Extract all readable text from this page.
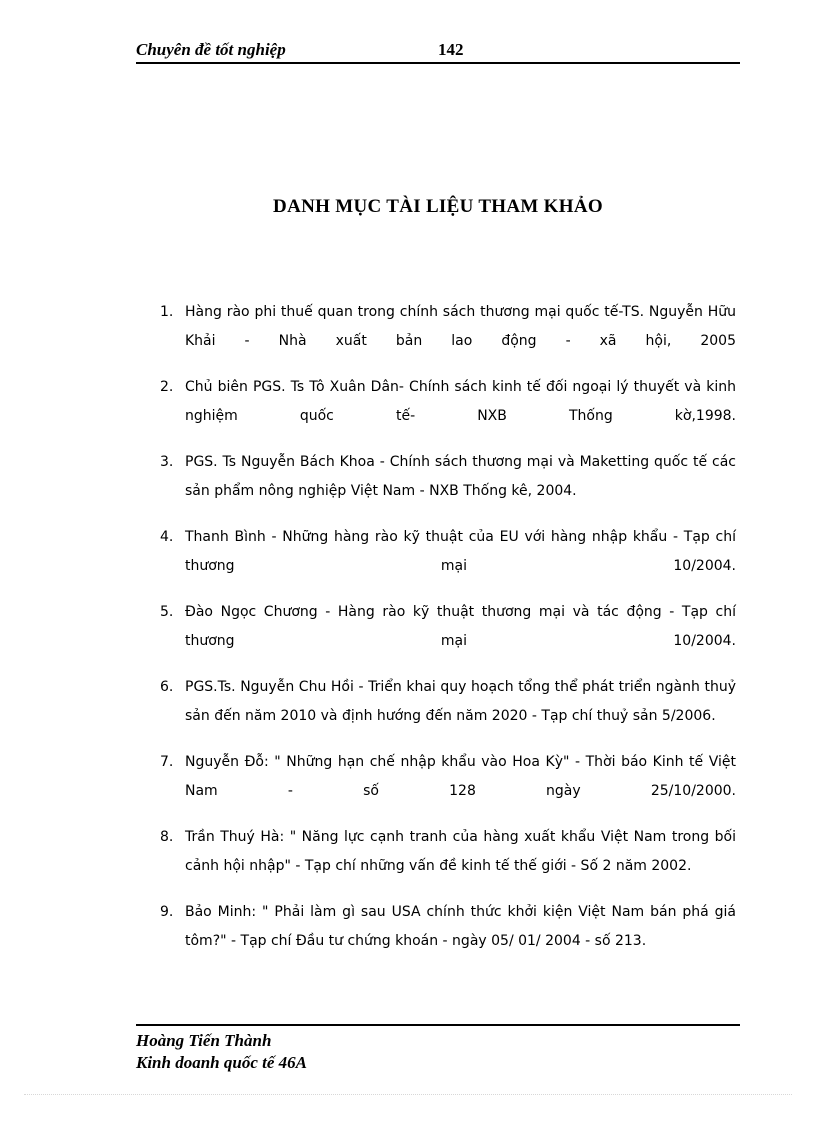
Chuyên đề tốt nghiệp	142
DANH MỤC TÀI LIỆU THAM KHẢO
1. Hàng rào phi thuế quan trong chính sách thương mại quốc tế-TS. Nguyễn Hữu Khải - Nhà xuất bản lao động - xã hội, 2005
2. Chủ biên PGS. Ts Tô Xuân Dân- Chính sách kinh tế đối ngoại lý thuyết và kinh nghiệm quốc tế- NXB Thống kờ,1998.
3. PGS. Ts Nguyễn Bách Khoa - Chính sách thương mại và Maketting quốc tế các sản phẩm nông nghiệp Việt Nam - NXB Thống kê, 2004.
4. Thanh Bình - Những hàng rào kỹ thuật của EU với hàng nhập khẩu - Tạp chí thương mại 10/2004.
5. Đào Ngọc Chương - Hàng rào kỹ thuật thương mại và tác động - Tạp chí thương mại 10/2004.
6. PGS.Ts. Nguyễn Chu Hồi - Triển khai quy hoạch tổng thể phát triển ngành thuỷ sản đến năm 2010 và định hướng đến năm 2020 - Tạp chí thuỷ sản 5/2006.
7. Nguyễn Đỗ: " Những hạn chế nhập khẩu vào Hoa Kỳ" - Thời báo Kinh tế Việt Nam - số 128 ngày 25/10/2000.
8. Trần Thuý Hà: " Năng lực cạnh tranh của hàng xuất khẩu Việt Nam trong bối cảnh hội nhập" - Tạp chí những vấn đề kinh tế thế giới - Số 2 năm 2002.
9. Bảo Minh: " Phải làm gì sau USA chính thức khởi kiện Việt Nam bán phá giá tôm?" - Tạp chí Đầu tư chứng khoán - ngày 05/ 01/ 2004 - số 213.
Hoàng Tiến Thành
Kinh doanh quốc tế 46A
